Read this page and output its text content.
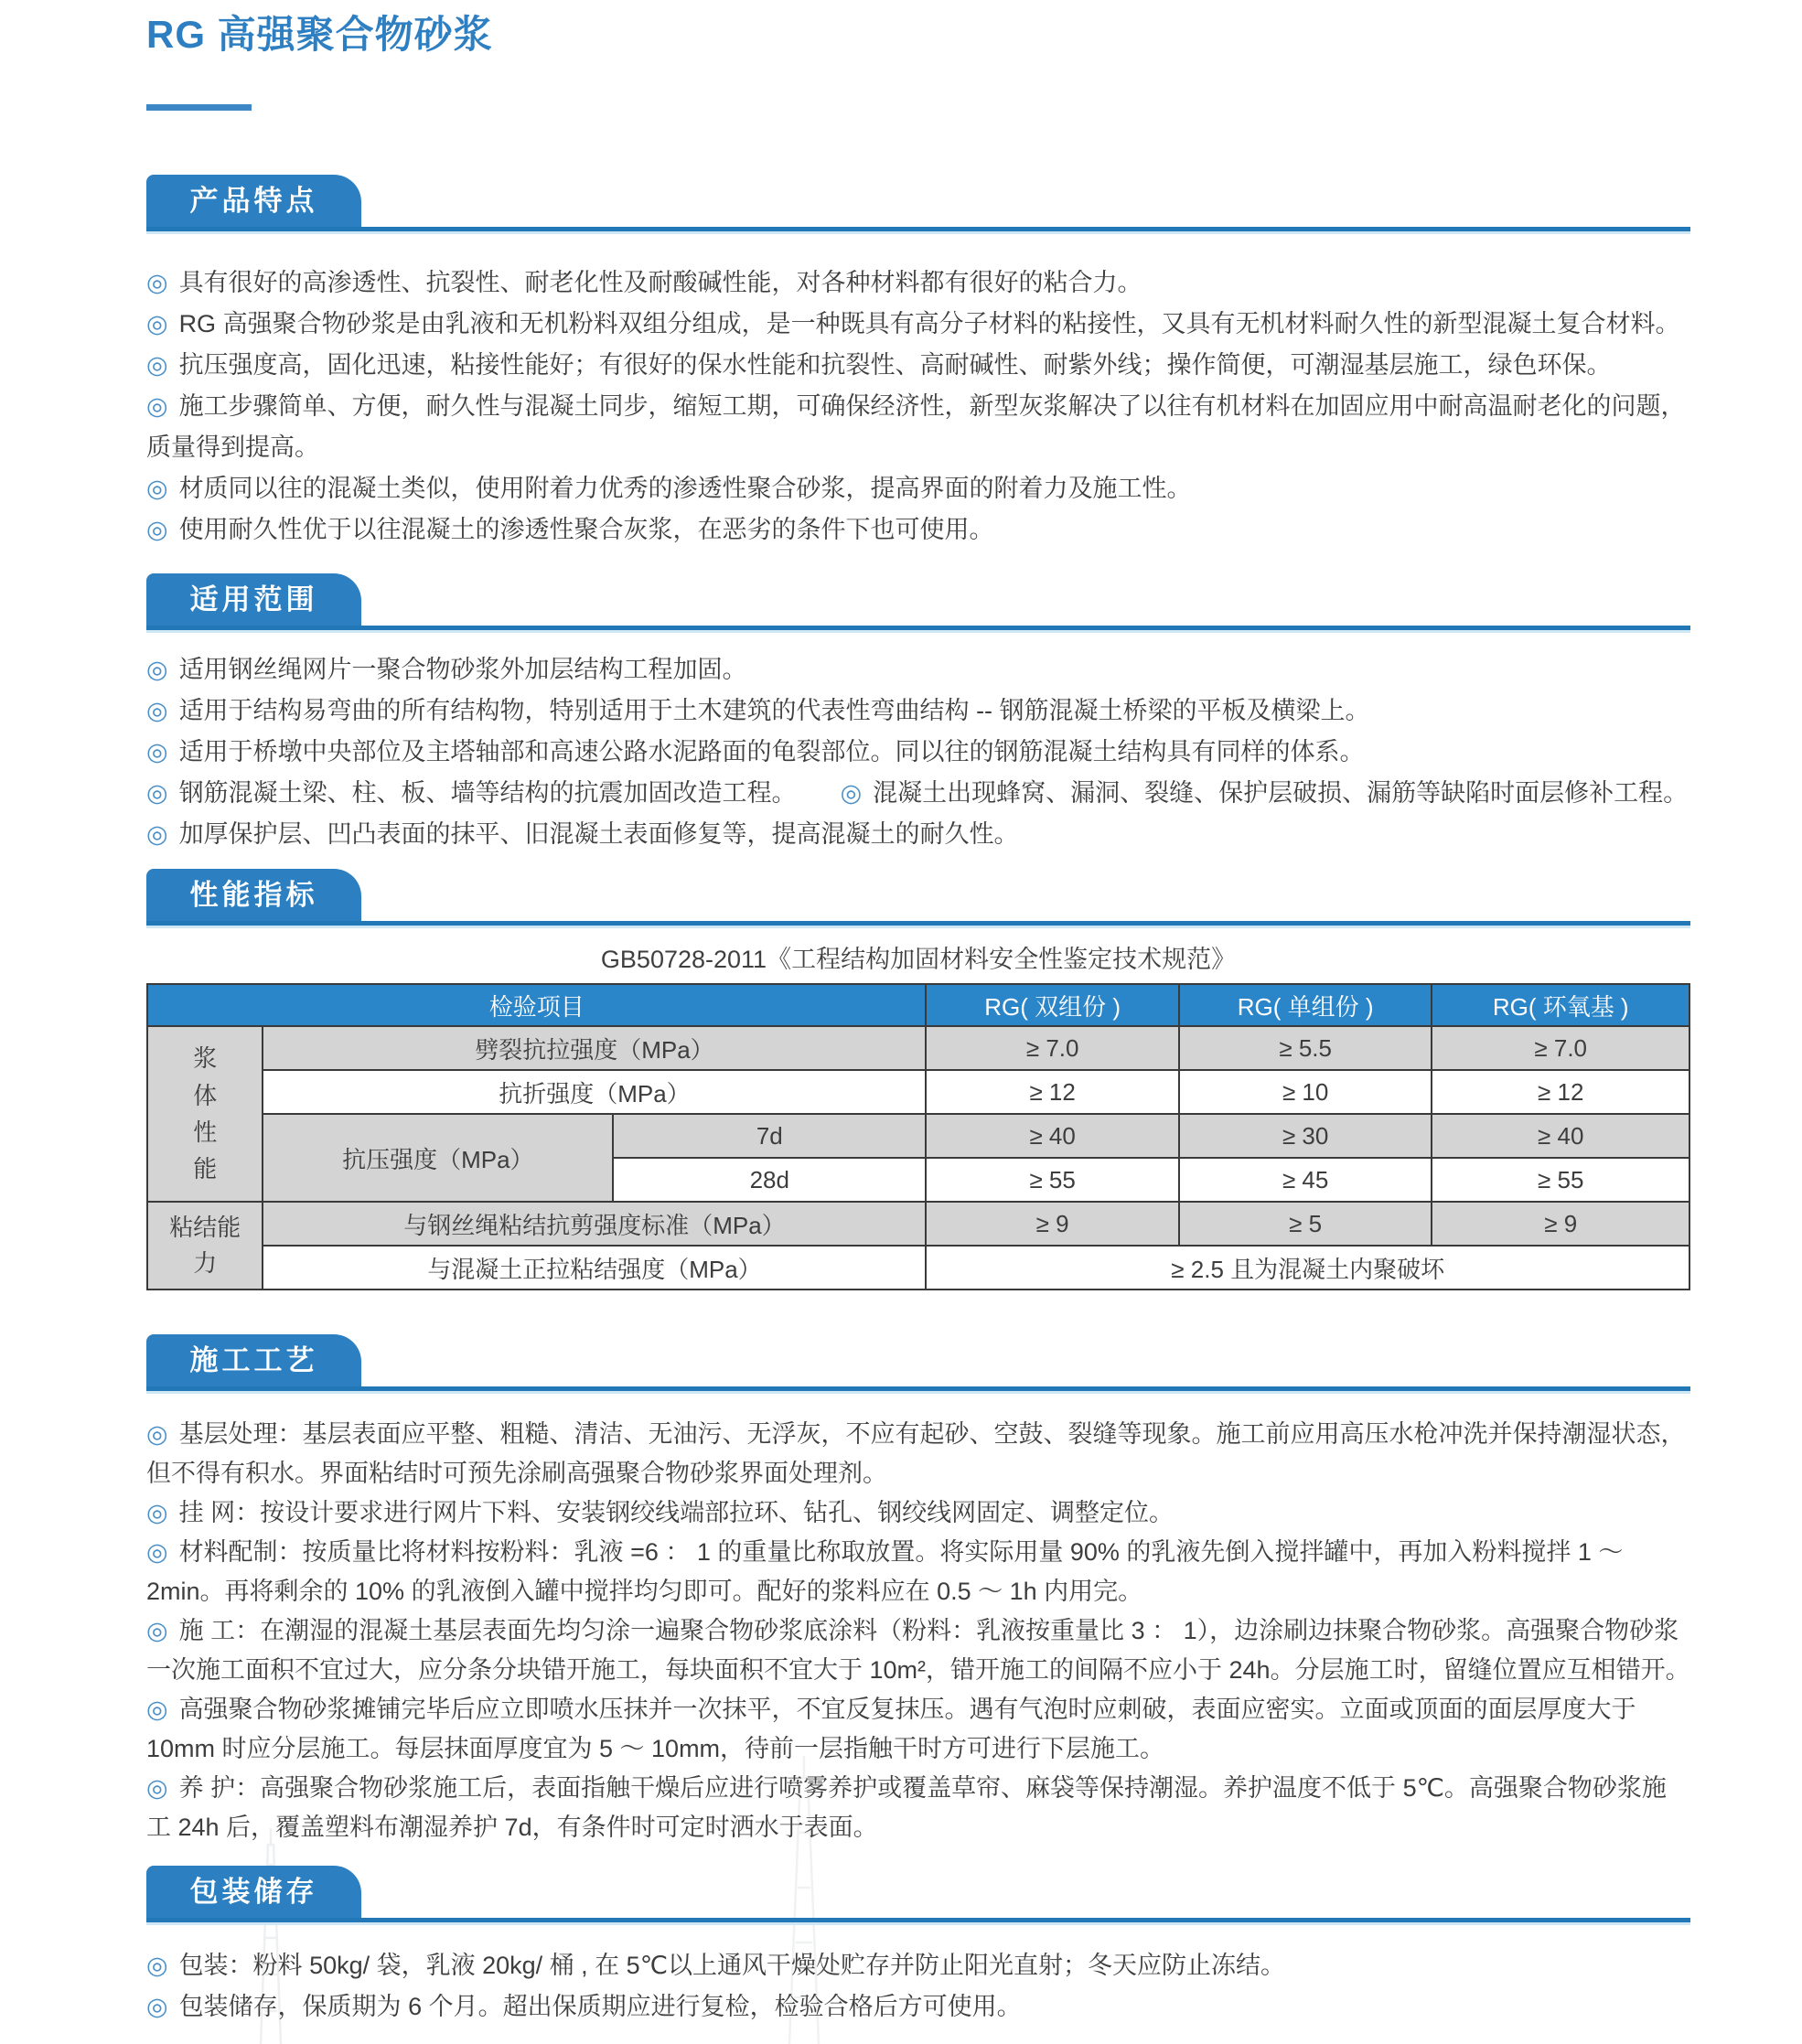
RG 高强聚合物砂浆
产品特点

◎ 具有很好的高渗透性、抗裂性、耐老化性及耐酸碱性能，对各种材料都有很好的粘合力。

◎ RG 高强聚合物砂浆是由乳液和无机粉料双组分组成，是一种既具有高分子材料的粘接性，又具有无机材料耐久性的新型混凝土复合材料。

◎ 抗压强度高，固化迅速，粘接性能好；有很好的保水性能和抗裂性、高耐碱性、耐紫外线；操作简便，可潮湿基层施工，绿色环保。

◎ 施工步骤简单、方便，耐久性与混凝土同步，缩短工期，可确保经济性，新型灰浆解决了以往有机材料在加固应用中耐高温耐老化的问题，质量得到提高。

◎ 材质同以往的混凝土类似，使用附着力优秀的渗透性聚合砂浆，提高界面的附着力及施工性。

◎ 使用耐久性优于以往混凝土的渗透性聚合灰浆，在恶劣的条件下也可使用。

适用范围

◎ 适用钢丝绳网片一聚合物砂浆外加层结构工程加固。

◎ 适用于结构易弯曲的所有结构物，特别适用于土木建筑的代表性弯曲结构 -- 钢筋混凝土桥梁的平板及横梁上。

◎ 适用于桥墩中央部位及主塔轴部和高速公路水泥路面的龟裂部位。同以往的钢筋混凝土结构具有同样的体系。

◎ 钢筋混凝土梁、柱、板、墙等结构的抗震加固改造工程。 ◎ 混凝土出现蜂窝、漏洞、裂缝、保护层破损、漏筋等缺陷时面层修补工程。

◎ 加厚保护层、凹凸表面的抹平、旧混凝土表面修复等，提高混凝土的耐久性。

性能指标
GB50728-2011《工程结构加固材料安全性鉴定技术规范》
检验项目			RG( 双组份 )	RG( 单组份 )	RG( 环氧基 )
浆体性能	劈裂抗拉强度（MPa）		≥ 7.0	≥ 5.5	≥ 7.0
	抗折强度（MPa）		≥ 12	≥ 10	≥ 12
	抗压强度（MPa）	7d	≥ 40	≥ 30	≥ 40
		28d	≥ 55	≥ 45	≥ 55
粘结能力	与钢丝绳粘结抗剪强度标准（MPa）		≥ 9	≥ 5	≥ 9
	与混凝土正拉粘结强度（MPa）		≥ 2.5 且为混凝土内聚破坏		
施工工艺

◎ 基层处理：基层表面应平整、粗糙、清洁、无油污、无浮灰，不应有起砂、空鼓、裂缝等现象。施工前应用高压水枪冲洗并保持潮湿状态，但不得有积水。界面粘结时可预先涂刷高强聚合物砂浆界面处理剂。

◎ 挂 网：按设计要求进行网片下料、安装钢绞线端部拉环、钻孔、钢绞线网固定、调整定位。

◎ 材料配制：按质量比将材料按粉料：乳液 =6 ： 1 的重量比称取放置。将实际用量 90% 的乳液先倒入搅拌罐中，再加入粉料搅拌 1 ～ 2min。再将剩余的 10% 的乳液倒入罐中搅拌均匀即可。配好的浆料应在 0.5 ～ 1h 内用完。

◎ 施 工：在潮湿的混凝土基层表面先均匀涂一遍聚合物砂浆底涂料（粉料：乳液按重量比 3 ： 1），边涂刷边抹聚合物砂浆。高强聚合物砂浆一次施工面积不宜过大，应分条分块错开施工，每块面积不宜大于 10m²，错开施工的间隔不应小于 24h。分层施工时，留缝位置应互相错开。

◎ 高强聚合物砂浆摊铺完毕后应立即喷水压抹并一次抹平，不宜反复抹压。遇有气泡时应刺破，表面应密实。立面或顶面的面层厚度大于 10mm 时应分层施工。每层抹面厚度宜为 5 ～ 10mm，待前一层指触干时方可进行下层施工。

◎ 养 护：高强聚合物砂浆施工后，表面指触干燥后应进行喷雾养护或覆盖草帘、麻袋等保持潮湿。养护温度不低于 5℃。高强聚合物砂浆施工 24h 后，覆盖塑料布潮湿养护 7d，有条件时可定时洒水于表面。

包装储存

◎ 包装：粉料 50kg/ 袋，乳液 20kg/ 桶 , 在 5℃以上通风干燥处贮存并防止阳光直射；冬天应防止冻结。

◎ 包装储存，保质期为 6 个月。超出保质期应进行复检，检验合格后方可使用。
